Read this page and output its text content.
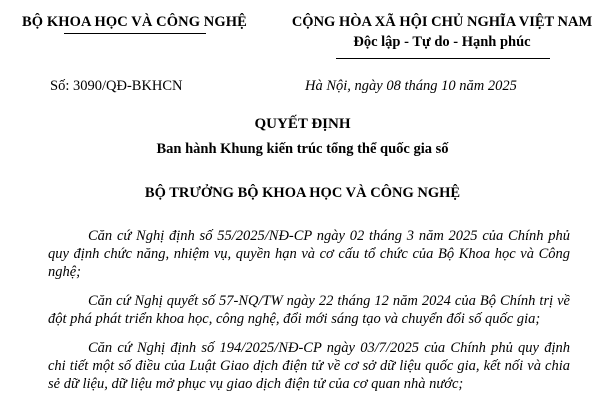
BỘ KHOA HỌC VÀ CÔNG NGHỆ	CỘNG HÒA XÃ HỘI CHỦ NGHĨA VIỆT NAM
Độc lập - Tự do - Hạnh phúc
Số: 3090/QĐ-BKHCN	Hà Nội, ngày 08 tháng 10 năm 2025
QUYẾT ĐỊNH
Ban hành Khung kiến trúc tổng thể quốc gia số
BỘ TRƯỞNG BỘ KHOA HỌC VÀ CÔNG NGHỆ

Căn cứ Nghị định số 55/2025/NĐ-CP ngày 02 tháng 3 năm 2025 của Chính phủ quy định chức năng, nhiệm vụ, quyền hạn và cơ cấu tổ chức của Bộ Khoa học và Công nghệ;

Căn cứ Nghị quyết số 57-NQ/TW ngày 22 tháng 12 năm 2024 của Bộ Chính trị về đột phá phát triển khoa học, công nghệ, đổi mới sáng tạo và chuyển đổi số quốc gia;

Căn cứ Nghị định số 194/2025/NĐ-CP ngày 03/7/2025 của Chính phủ quy định chi tiết một số điều của Luật Giao dịch điện tử về cơ sở dữ liệu quốc gia, kết nối và chia sẻ dữ liệu, dữ liệu mở phục vụ giao dịch điện tử của cơ quan nhà nước;
